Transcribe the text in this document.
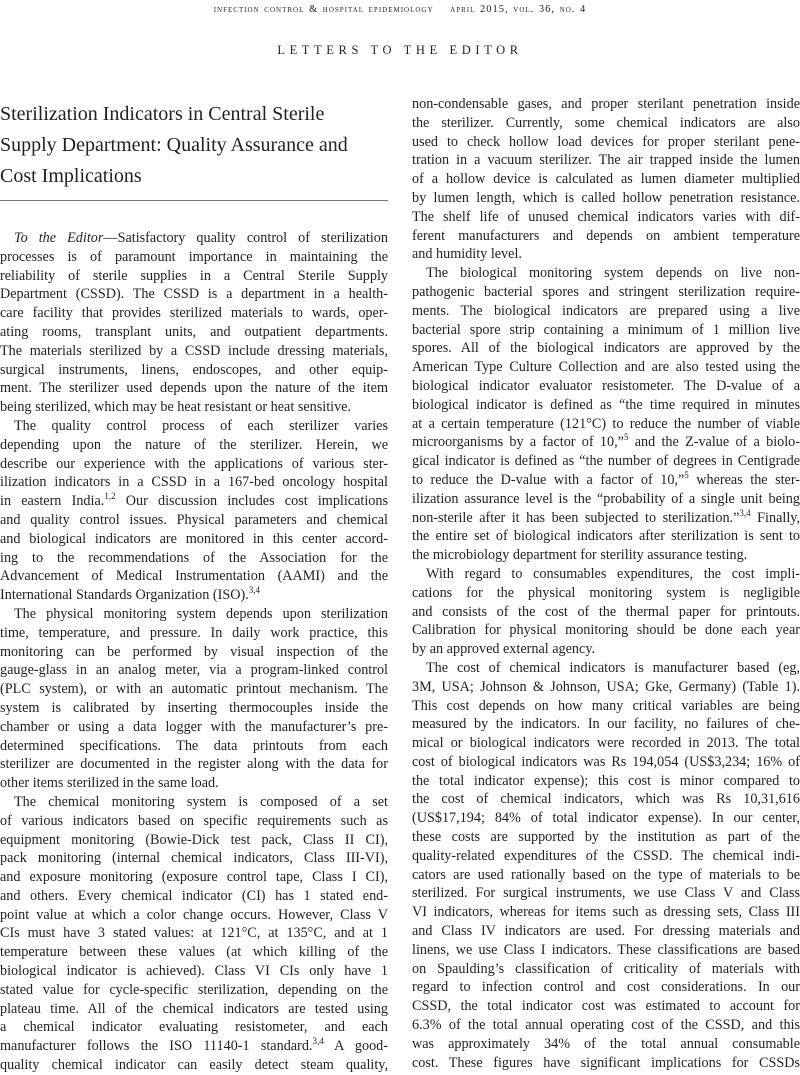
infection control & hospital epidemiology april 2015, vol. 36, no. 4
LETTERS TO THE EDITOR
Sterilization Indicators in Central Sterile
Supply Department: Quality Assurance and
Cost Implications
To the Editor—Satisfactory quality control of sterilization
processes is of paramount importance in maintaining the
reliability of sterile supplies in a Central Sterile Supply
Department (CSSD). The CSSD is a department in a health-
care facility that provides sterilized materials to wards, oper-
ating rooms, transplant units, and outpatient departments.
The materials sterilized by a CSSD include dressing materials,
surgical instruments, linens, endoscopes, and other equip-
ment. The sterilizer used depends upon the nature of the item
being sterilized, which may be heat resistant or heat sensitive.
The quality control process of each sterilizer varies
depending upon the nature of the sterilizer. Herein, we
describe our experience with the applications of various ster-
ilization indicators in a CSSD in a 167-bed oncology hospital
in eastern India.$^{1,2}$ Our discussion includes cost implications
and quality control issues. Physical parameters and chemical
and biological indicators are monitored in this center accord-
ing to the recommendations of the Association for the
Advancement of Medical Instrumentation (AAMI) and the
International Standards Organization (ISO).$^{3,4}$
The physical monitoring system depends upon sterilization
time, temperature, and pressure. In daily work practice, this
monitoring can be performed by visual inspection of the
gauge-glass in an analog meter, via a program-linked control
(PLC system), or with an automatic printout mechanism. The
system is calibrated by inserting thermocouples inside the
chamber or using a data logger with the manufacturer’s pre-
determined specifications. The data printouts from each
sterilizer are documented in the register along with the data for
other items sterilized in the same load.
The chemical monitoring system is composed of a set
of various indicators based on specific requirements such as
equipment monitoring (Bowie-Dick test pack, Class II CI),
pack monitoring (internal chemical indicators, Class III-VI),
and exposure monitoring (exposure control tape, Class I CI),
and others. Every chemical indicator (CI) has 1 stated end-
point value at which a color change occurs. However, Class V
CIs must have 3 stated values: at 121°C, at 135°C, and at 1
temperature between these values (at which killing of the
biological indicator is achieved). Class VI CIs only have 1
stated value for cycle-specific sterilization, depending on the
plateau time. All of the chemical indicators are tested using
a chemical indicator evaluating resistometer, and each
manufacturer follows the ISO 11140-1 standard.$^{3,4}$ A good-
quality chemical indicator can easily detect steam quality,
non-condensable gases, and proper sterilant penetration inside
the sterilizer. Currently, some chemical indicators are also
used to check hollow load devices for proper sterilant pene-
tration in a vacuum sterilizer. The air trapped inside the lumen
of a hollow device is calculated as lumen diameter multiplied
by lumen length, which is called hollow penetration resistance.
The shelf life of unused chemical indicators varies with dif-
ferent manufacturers and depends on ambient temperature
and humidity level.
The biological monitoring system depends on live non-
pathogenic bacterial spores and stringent sterilization require-
ments. The biological indicators are prepared using a live
bacterial spore strip containing a minimum of 1 million live
spores. All of the biological indicators are approved by the
American Type Culture Collection and are also tested using the
biological indicator evaluator resistometer. The D-value of a
biological indicator is defined as “the time required in minutes
at a certain temperature (121°C) to reduce the number of viable
microorganisms by a factor of 10,”$^5$ and the Z-value of a biolo-
gical indicator is defined as “the number of degrees in Centigrade
to reduce the D-value with a factor of 10,”$^5$ whereas the ster-
ilization assurance level is the “probability of a single unit being
non-sterile after it has been subjected to sterilization.”$^{3,4}$ Finally,
the entire set of biological indicators after sterilization is sent to
the microbiology department for sterility assurance testing.
With regard to consumables expenditures, the cost impli-
cations for the physical monitoring system is negligible
and consists of the cost of the thermal paper for printouts.
Calibration for physical monitoring should be done each year
by an approved external agency.
The cost of chemical indicators is manufacturer based (eg,
3M, USA; Johnson & Johnson, USA; Gke, Germany) (Table 1).
This cost depends on how many critical variables are being
measured by the indicators. In our facility, no failures of che-
mical or biological indicators were recorded in 2013. The total
cost of biological indicators was Rs 194,054 (US$3,234; 16% of
the total indicator expense); this cost is minor compared to
the cost of chemical indicators, which was Rs 10,31,616
(US$17,194; 84% of total indicator expense). In our center,
these costs are supported by the institution as part of the
quality-related expenditures of the CSSD. The chemical indi-
cators are used rationally based on the type of materials to be
sterilized. For surgical instruments, we use Class V and Class
VI indicators, whereas for items such as dressing sets, Class III
and Class IV indicators are used. For dressing materials and
linens, we use Class I indicators. These classifications are based
on Spaulding’s classification of criticality of materials with
regard to infection control and cost considerations. In our
CSSD, the total indicator cost was estimated to account for
6.3% of the total annual operating cost of the CSSD, and this
was approximately 34% of the total annual consumable
cost. These figures have significant implications for CSSDs
